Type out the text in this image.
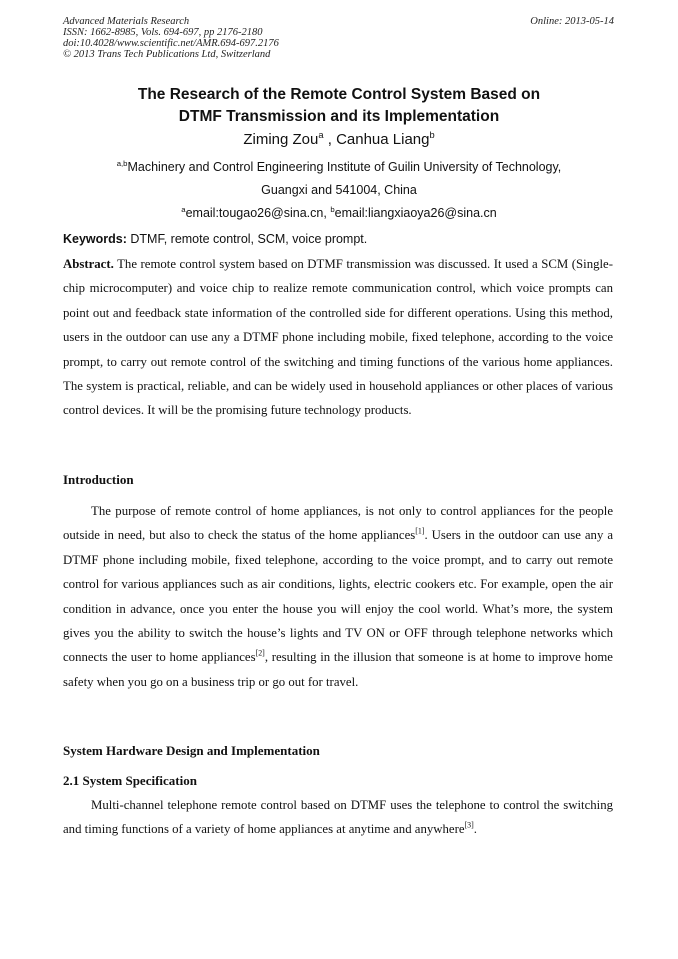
Advanced Materials Research
ISSN: 1662-8985, Vols. 694-697, pp 2176-2180
doi:10.4028/www.scientific.net/AMR.694-697.2176
© 2013 Trans Tech Publications Ltd, Switzerland
Online: 2013-05-14
The Research of the Remote Control System Based on
DTMF Transmission and its Implementation
Ziming Zou$^a$ , Canhua Liang$^b$
$^{a,b}$Machinery and Control Engineering Institute of Guilin University of Technology,
Guangxi and 541004, China
$^a$email:tougao26@sina.cn, $^b$email:liangxiaoya26@sina.cn
Keywords: DTMF, remote control, SCM, voice prompt.
Abstract. The remote control system based on DTMF transmission was discussed. It used a SCM (Single-chip microcomputer) and voice chip to realize remote communication control, which voice prompts can point out and feedback state information of the controlled side for different operations. Using this method, users in the outdoor can use any a DTMF phone including mobile, fixed telephone, according to the voice prompt, to carry out remote control of the switching and timing functions of the various home appliances. The system is practical, reliable, and can be widely used in household appliances or other places of various control devices. It will be the promising future technology products.
Introduction
The purpose of remote control of home appliances, is not only to control appliances for the people outside in need, but also to check the status of the home appliances[1]. Users in the outdoor can use any a DTMF phone including mobile, fixed telephone, according to the voice prompt, and to carry out remote control for various appliances such as air conditions, lights, electric cookers etc. For example, open the air condition in advance, once you enter the house you will enjoy the cool world. What’s more, the system gives you the ability to switch the house’s lights and TV ON or OFF through telephone networks which connects the user to home appliances[2], resulting in the illusion that someone is at home to improve home safety when you go on a business trip or go out for travel.
System Hardware Design and Implementation
2.1 System Specification
Multi-channel telephone remote control based on DTMF uses the telephone to control the switching and timing functions of a variety of home appliances at anytime and anywhere[3].
